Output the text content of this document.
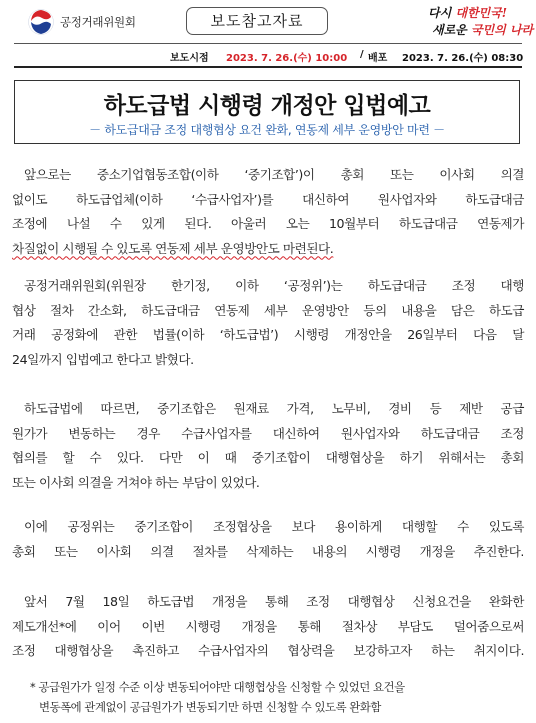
공정거래위원회	보도참고자료	다시 대한민국!
새로운 국민의 나라
보도시점 2023. 7. 26.(수) 10:00 / 배포 2023. 7. 26.(수) 08:30
하도급법 시행령 개정안 입법예고
－ 하도급대금 조정 대행협상 요건 완화, 연동제 세부 운영방안 마련 －
앞으로는 중소기업협동조합(이하 ‘중기조합’)이 총회 또는 이사회 의결
없이도 하도급업체(이하 ‘수급사업자’)를 대신하여 원사업자와 하도급대금
조정에 나설 수 있게 된다. 아울러 오는 10월부터 하도급대금 연동제가
차질없이 시행될 수 있도록 연동제 세부 운영방안도 마련된다.
공정거래위원회(위원장 한기정, 이하 ‘공정위’)는 하도급대금 조정 대행
협상 절차 간소화, 하도급대금 연동제 세부 운영방안 등의 내용을 담은 하도급
거래 공정화에 관한 법률(이하 ‘하도급법’) 시행령 개정안을 26일부터 다음 달
24일까지 입법예고 한다고 밝혔다.
하도급법에 따르면, 중기조합은 원재료 가격, 노무비, 경비 등 제반 공급
원가가 변동하는 경우 수급사업자를 대신하여 원사업자와 하도급대금 조정
협의를 할 수 있다. 다만 이 때 중기조합이 대행협상을 하기 위해서는 총회
또는 이사회 의결을 거쳐야 하는 부담이 있었다.
이에 공정위는 중기조합이 조정협상을 보다 용이하게 대행할 수 있도록
총회 또는 이사회 의결 절차를 삭제하는 내용의 시행령 개정을 추진한다.
앞서 7월 18일 하도급법 개정을 통해 조정 대행협상 신청요건을 완화한
제도개선*에 이어 이번 시행령 개정을 통해 절차상 부담도 덜어줌으로써
조정 대행협상을 촉진하고 수급사업자의 협상력을 보강하고자 하는 취지이다.
* 공급원가가 일정 수준 이상 변동되어야만 대행협상을 신청할 수 있었던 요건을
변동폭에 관계없이 공급원가가 변동되기만 하면 신청할 수 있도록 완화함
